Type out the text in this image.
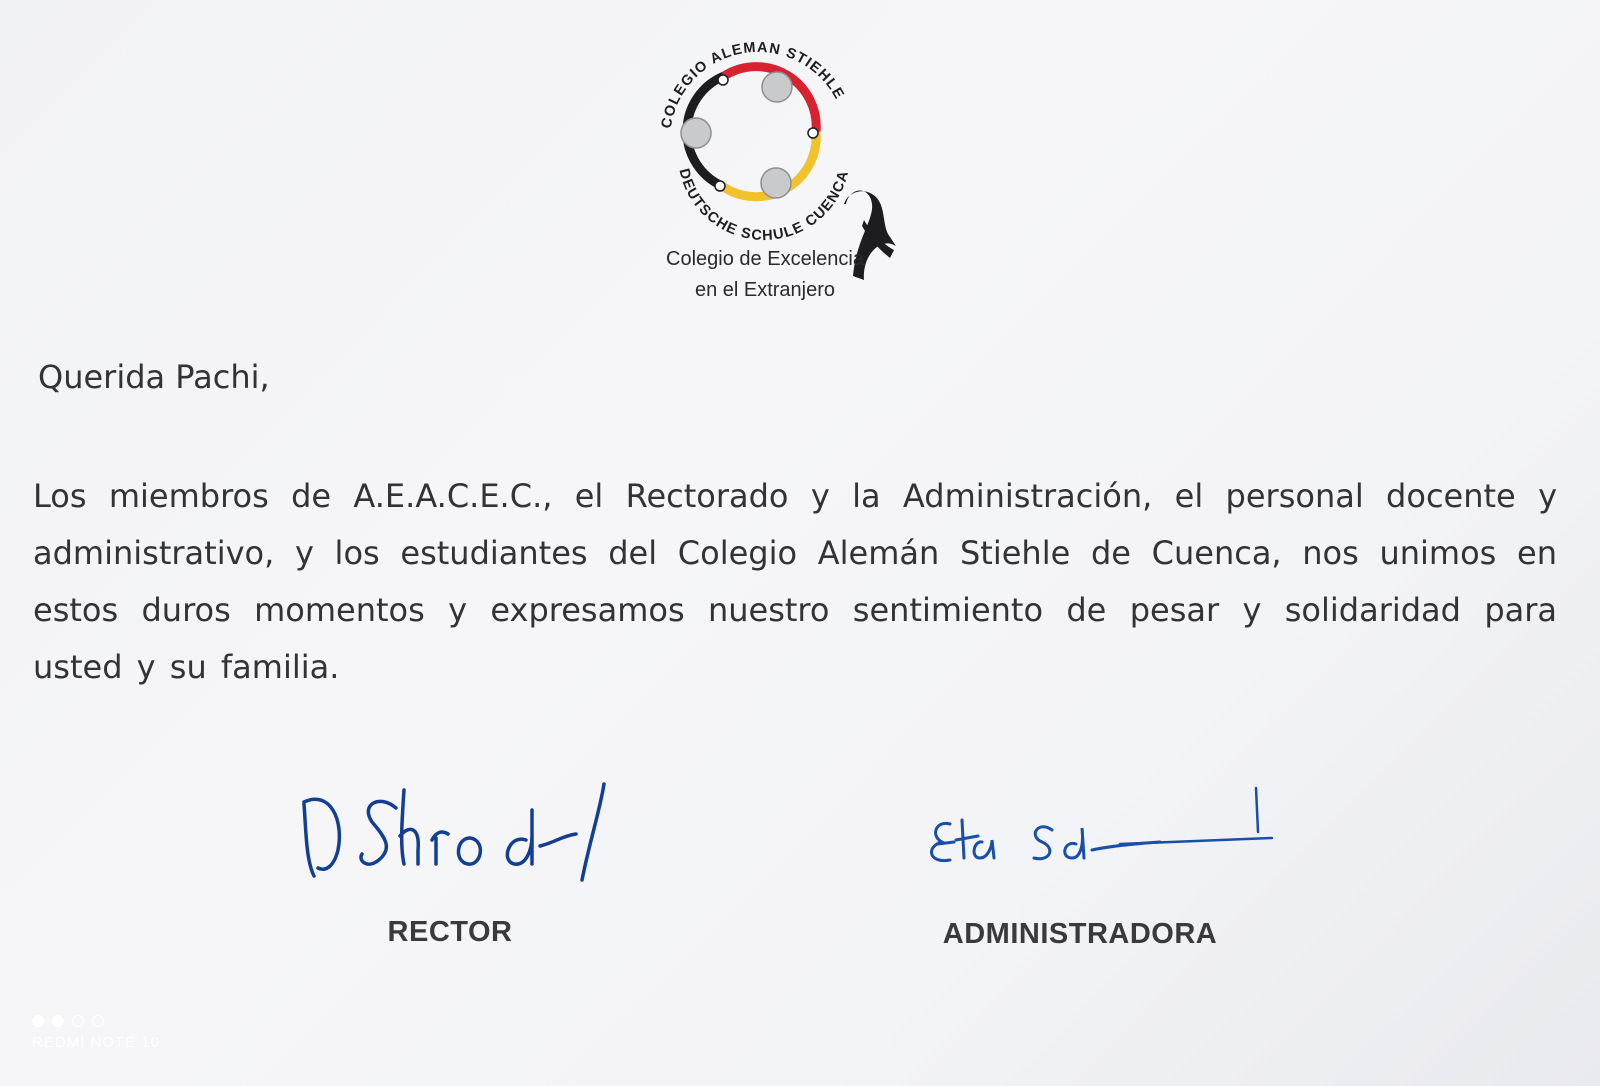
COLEGIO ALEMAN STIEHLE
DEUTSCHE SCHULE CUENCA
Colegio de Excelencia
en el Extranjero
Querida Pachi,
Los miembros de A.E.A.C.E.C., el Rectorado y la Administración, el personal docente y administrativo, y los estudiantes del Colegio Alemán Stiehle de Cuenca, nos unimos en estos duros momentos y expresamos nuestro sentimiento de pesar y solidaridad para usted y su familia.
RECTOR	ADMINISTRADORA
REDMI NOTE 10
